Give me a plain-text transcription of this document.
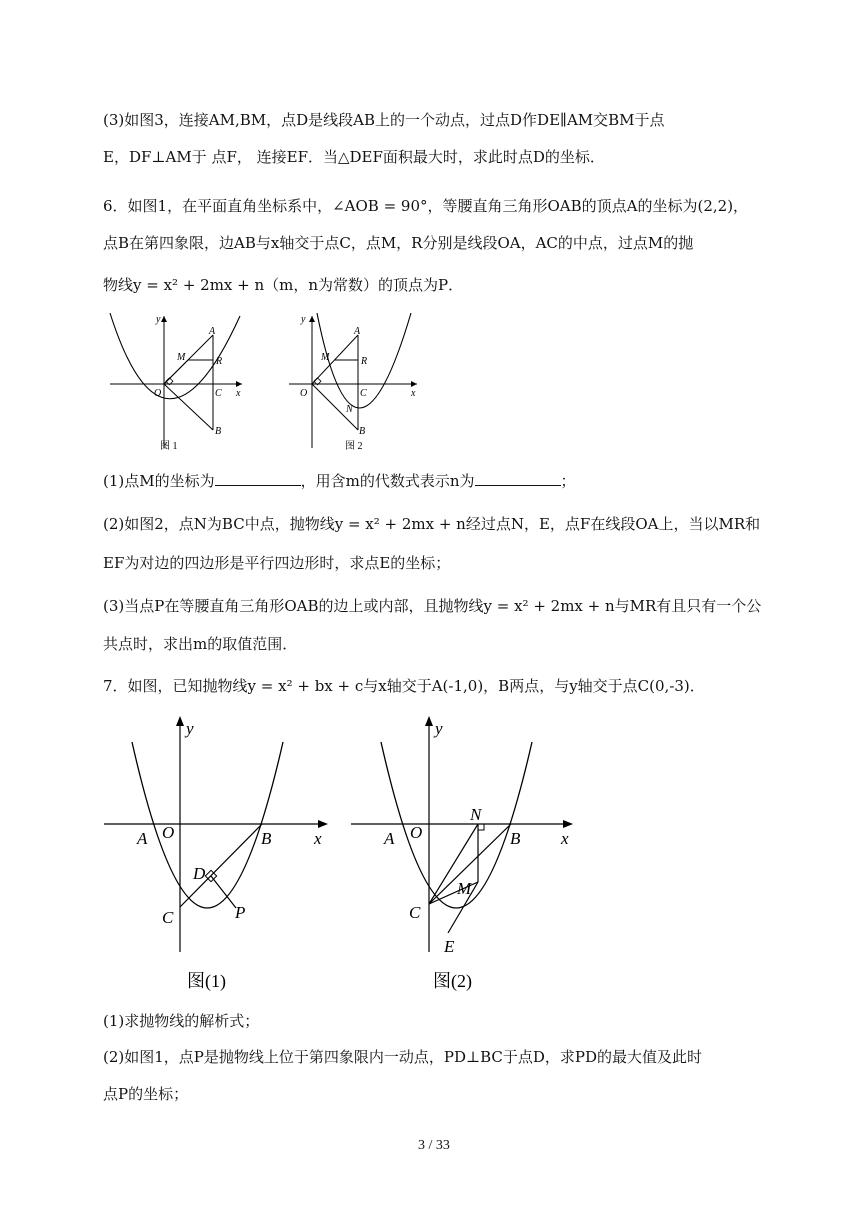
(3)如图3，连接AM,BM，点D是线段AB上的一个动点，过点D作DE∥AM交BM于点
E，DF⊥AM于 点F， 连接EF．当△DEF面积最大时，求此时点D的坐标．
6．如图1，在平面直角坐标系中，∠AOB = 90°，等腰直角三角形OAB的顶点A的坐标为(2,2)，
点B在第四象限，边AB与x轴交于点C，点M，R分别是线段OA，AC的中点，过点M的抛
物线y = x² + 2mx + n（m，n为常数）的顶点为P．
y
x
O
A
M	R
C
B
图 1
y
x
O
A
M	R
C
N
B
图 2
(1)点M的坐标为	，用含m的代数式表示n为	；
(2)如图2，点N为BC中点，抛物线y = x² + 2mx + n经过点N，E，点F在线段OA上，当以MR和
EF为对边的四边形是平行四边形时，求点E的坐标；
(3)当点P在等腰直角三角形OAB的边上或内部，且抛物线y = x² + 2mx + n与MR有且只有一个公
共点时，求出m的取值范围．
7．如图，已知抛物线y = x² + bx + c与x轴交于A(-1,0)，B两点，与y轴交于点C(0,-3)．
y
x
A O	B
D
C	P
图(1)
y
x
A O
N
B
M
C
E
图(2)
(1)求抛物线的解析式；
(2)如图1，点P是抛物线上位于第四象限内一动点，PD⊥BC于点D，求PD的最大值及此时
点P的坐标；
3 / 33
